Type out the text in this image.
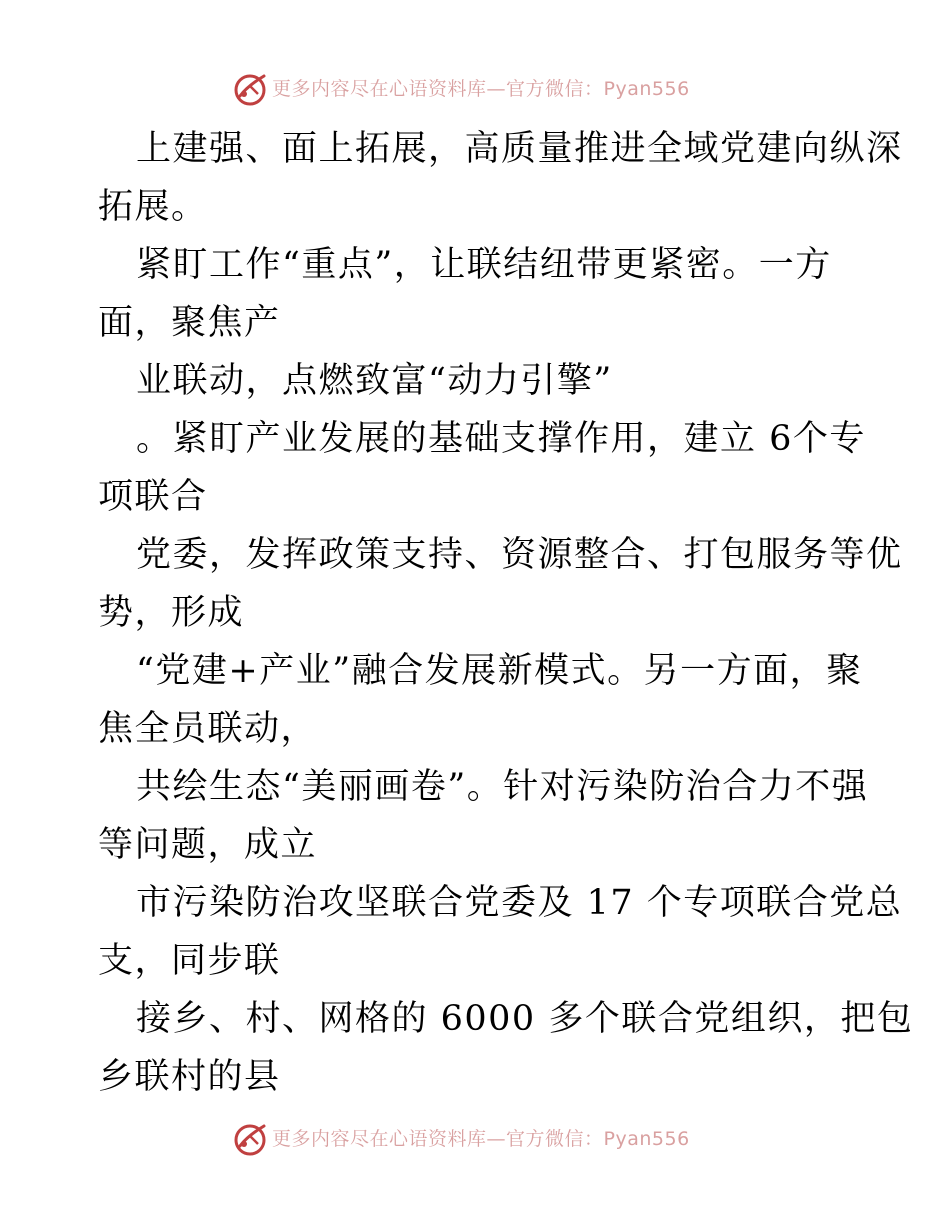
更多内容尽在心语资料库—官方微信：Pyan556
上建强、面上拓展，高质量推进全域党建向纵深
拓展。
紧盯工作“重点”，让联结纽带更紧密。一方
面，聚焦产
业联动，点燃致富“动力引擎”
。紧盯产业发展的基础支撑作用，建立 6个专
项联合
党委，发挥政策支持、资源整合、打包服务等优
势，形成
“党建+产业”融合发展新模式。另一方面，聚
焦全员联动，
共绘生态“美丽画卷”。针对污染防治合力不强
等问题，成立
市污染防治攻坚联合党委及 17 个专项联合党总
支，同步联
接乡、村、网格的 6000 多个联合党组织，把包
乡联村的县
更多内容尽在心语资料库—官方微信：Pyan556
